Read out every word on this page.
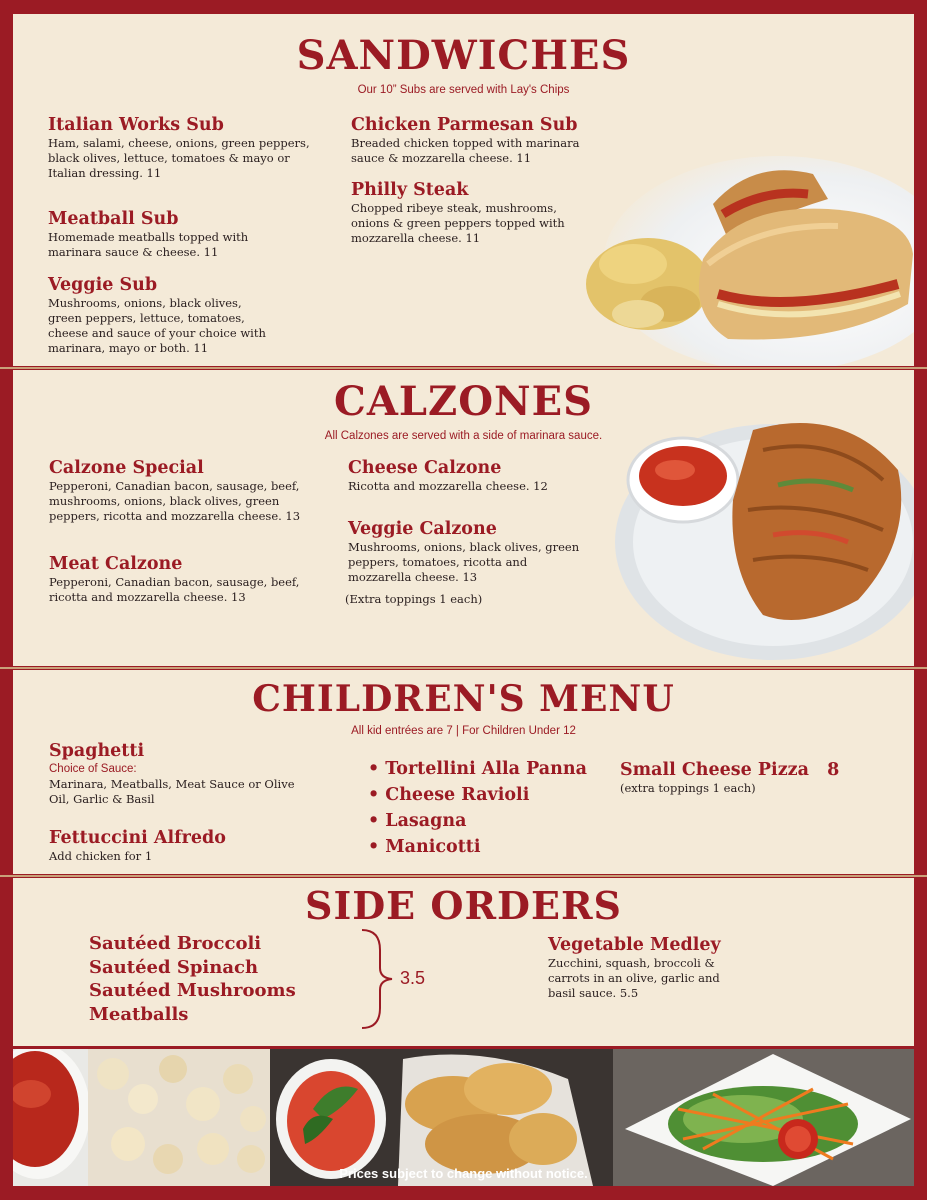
SANDWICHES
Our 10” Subs are served with Lay's Chips
Italian Works Sub
Ham, salami, cheese, onions, green peppers, black olives, lettuce, tomatoes & mayo or Italian dressing. 11
Meatball Sub
Homemade meatballs topped with marinara sauce & cheese. 11
Veggie Sub
Mushrooms, onions, black olives, green peppers, lettuce, tomatoes, cheese and sauce of your choice with marinara, mayo or both. 11
Chicken Parmesan Sub
Breaded chicken topped with marinara sauce & mozzarella cheese. 11
Philly Steak
Chopped ribeye steak, mushrooms, onions & green peppers topped with mozzarella cheese. 11
CALZONES
All Calzones are served with a side of marinara sauce.
Calzone Special
Pepperoni, Canadian bacon, sausage, beef, mushrooms, onions, black olives, green peppers, ricotta and mozzarella cheese. 13
Meat Calzone
Pepperoni, Canadian bacon, sausage, beef, ricotta and mozzarella cheese. 13
Cheese Calzone
Ricotta and mozzarella cheese. 12
Veggie Calzone
Mushrooms, onions, black olives, green peppers, tomatoes, ricotta and mozzarella cheese. 13
(Extra toppings 1 each)
CHILDREN'S MENU
All kid entrées are 7 | For Children Under 12
Spaghetti
Choice of Sauce:
Marinara, Meatballs, Meat Sauce or Olive Oil, Garlic & Basil
Fettuccini Alfredo
Add chicken for 1
• Tortellini Alla Panna
• Cheese Ravioli
• Lasagna
• Manicotti
Small Cheese Pizza   8
(extra toppings 1 each)
SIDE ORDERS
Sautéed Broccoli
Sautéed Spinach
Sautéed Mushrooms
Meatballs
3.5
Vegetable Medley
Zucchini, squash, broccoli & carrots in an olive, garlic and basil sauce. 5.5
Prices subject to change without notice.
